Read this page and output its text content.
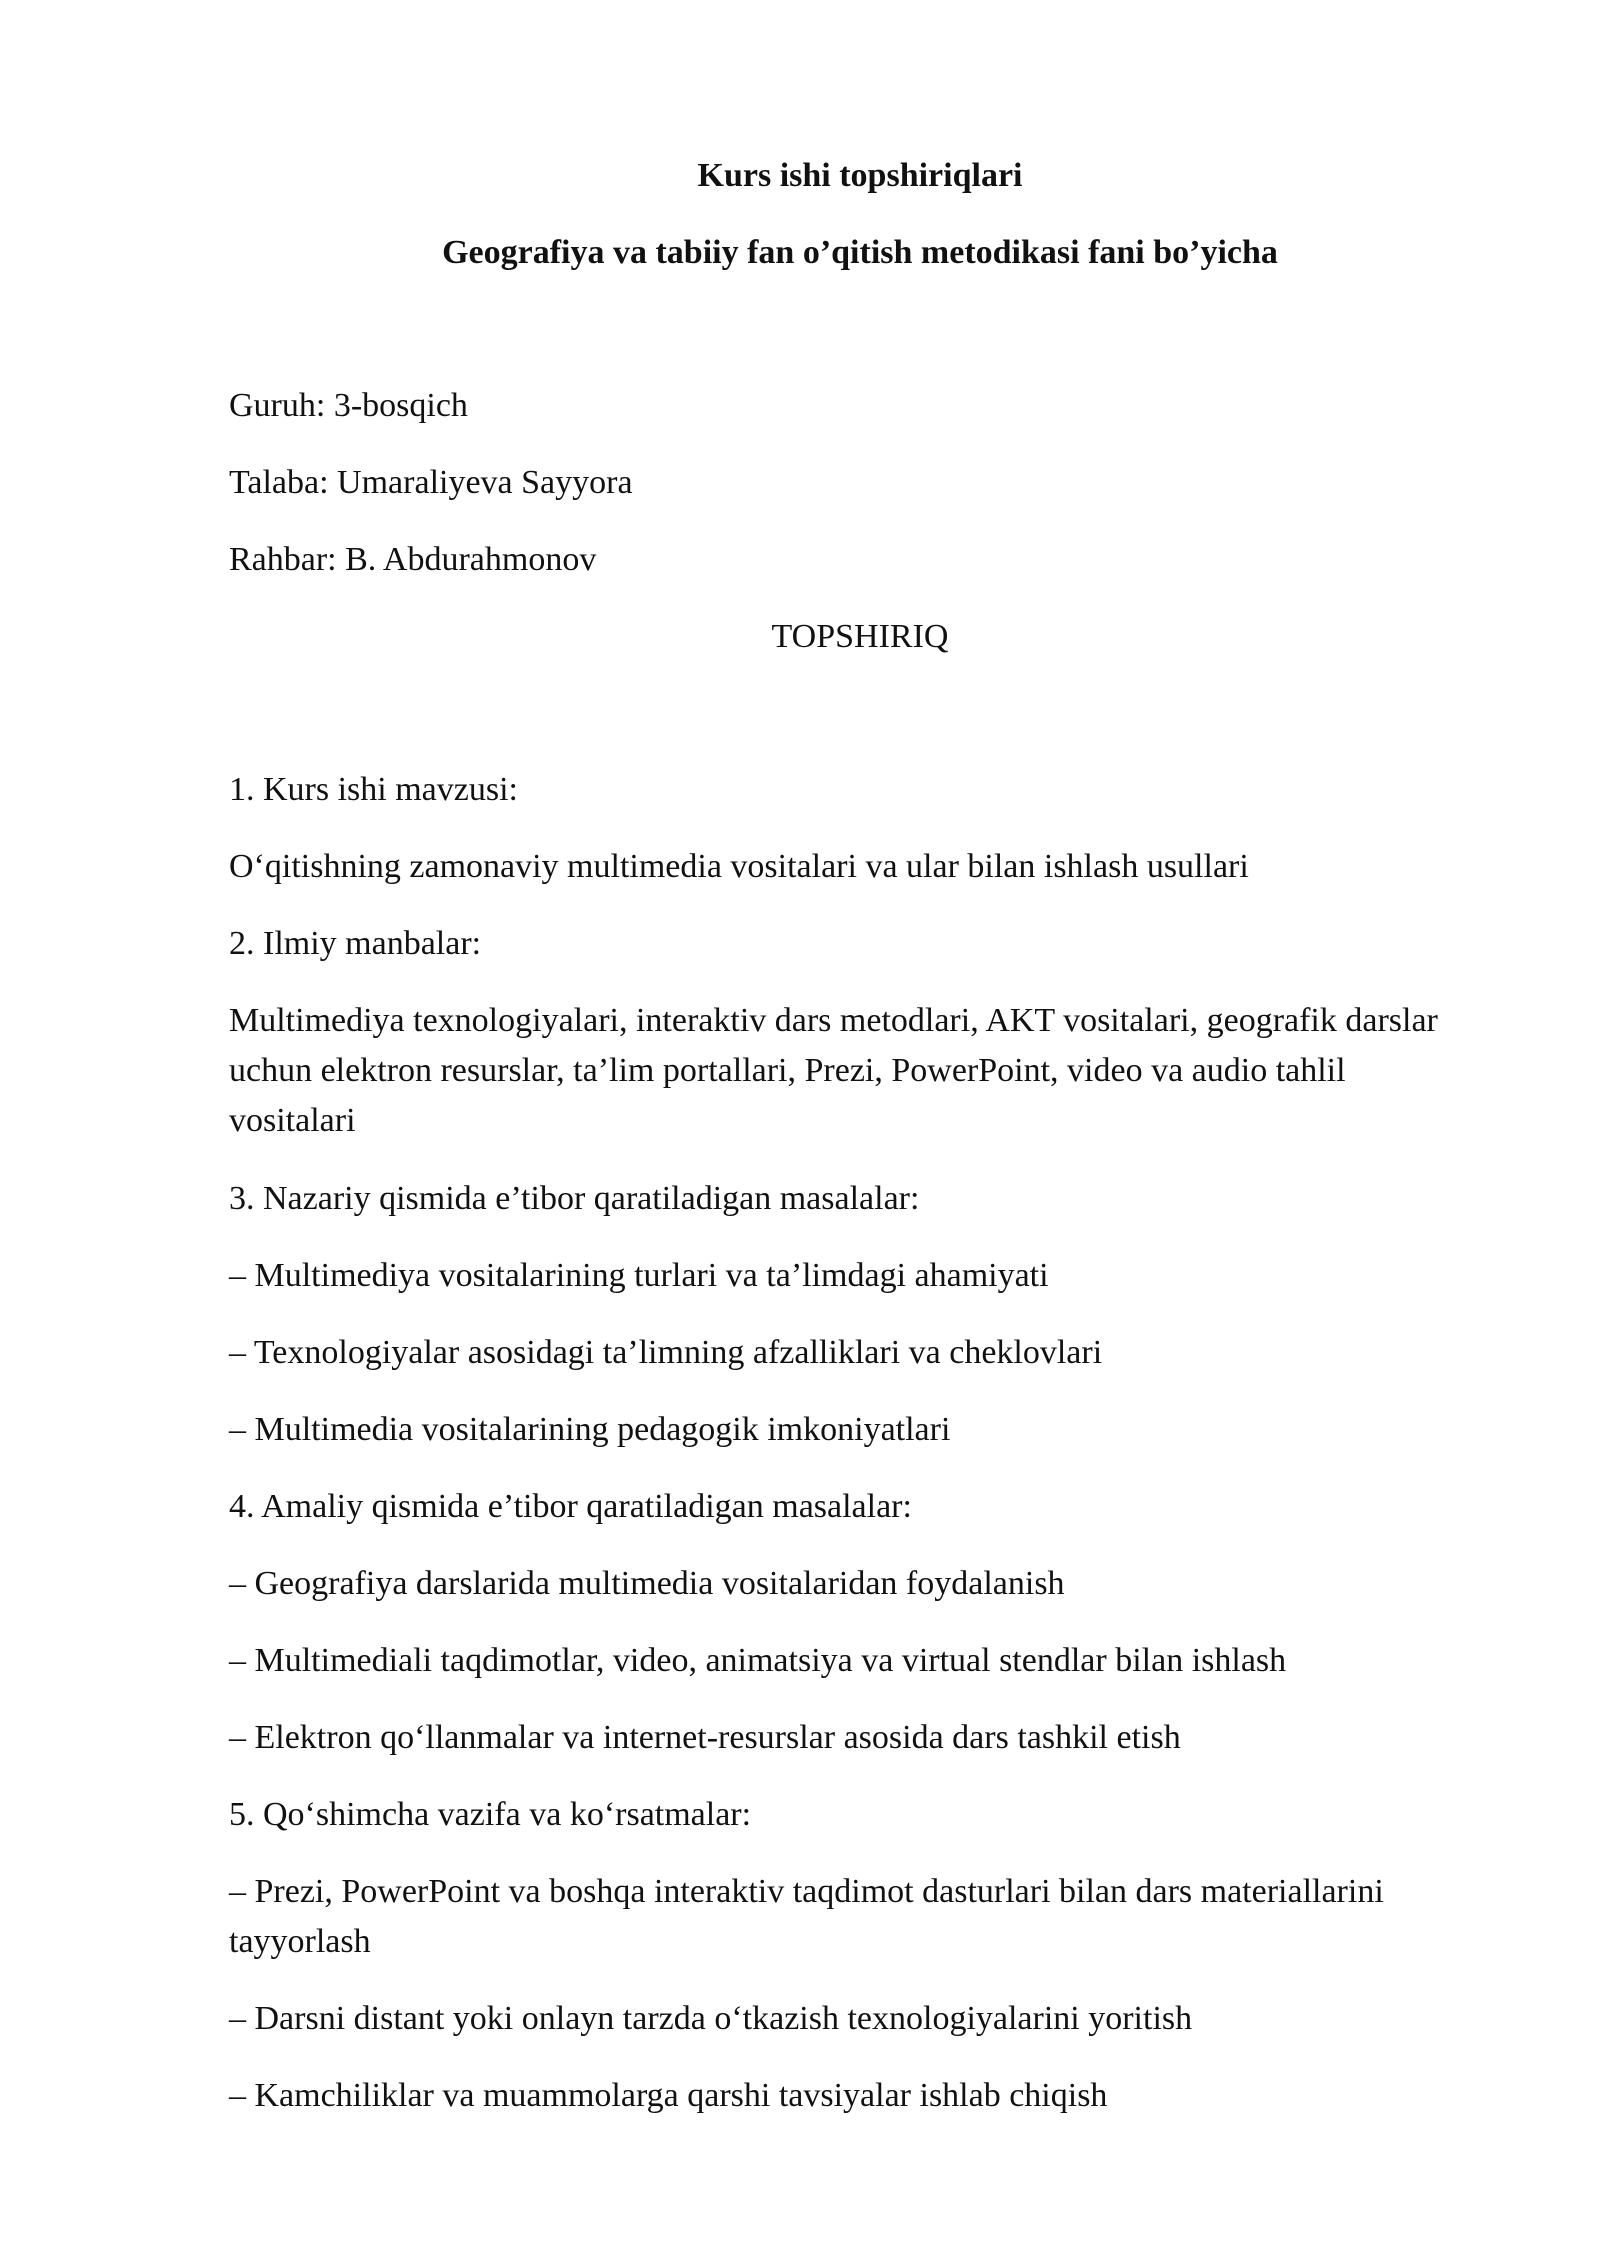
Kurs ishi topshiriqlari
Geografiya va tabiiy fan o’qitish metodikasi fani bo’yicha
Guruh: 3-bosqich
Talaba: Umaraliyeva Sayyora
Rahbar: B. Abdurahmonov
TOPSHIRIQ
1. Kurs ishi mavzusi:
O‘qitishning zamonaviy multimedia vositalari va ular bilan ishlash usullari
2. Ilmiy manbalar:
Multimediya texnologiyalari, interaktiv dars metodlari, AKT vositalari, geografik darslar uchun elektron resurslar, ta’lim portallari, Prezi, PowerPoint, video va audio tahlil vositalari
3. Nazariy qismida e’tibor qaratiladigan masalalar:
– Multimediya vositalarining turlari va ta’limdagi ahamiyati
– Texnologiyalar asosidagi ta’limning afzalliklari va cheklovlari
– Multimedia vositalarining pedagogik imkoniyatlari
4. Amaliy qismida e’tibor qaratiladigan masalalar:
– Geografiya darslarida multimedia vositalaridan foydalanish
– Multimediali taqdimotlar, video, animatsiya va virtual stendlar bilan ishlash
– Elektron qo‘llanmalar va internet-resurslar asosida dars tashkil etish
5. Qo‘shimcha vazifa va ko‘rsatmalar:
– Prezi, PowerPoint va boshqa interaktiv taqdimot dasturlari bilan dars materiallarini tayyorlash
– Darsni distant yoki onlayn tarzda o‘tkazish texnologiyalarini yoritish
– Kamchiliklar va muammolarga qarshi tavsiyalar ishlab chiqish
